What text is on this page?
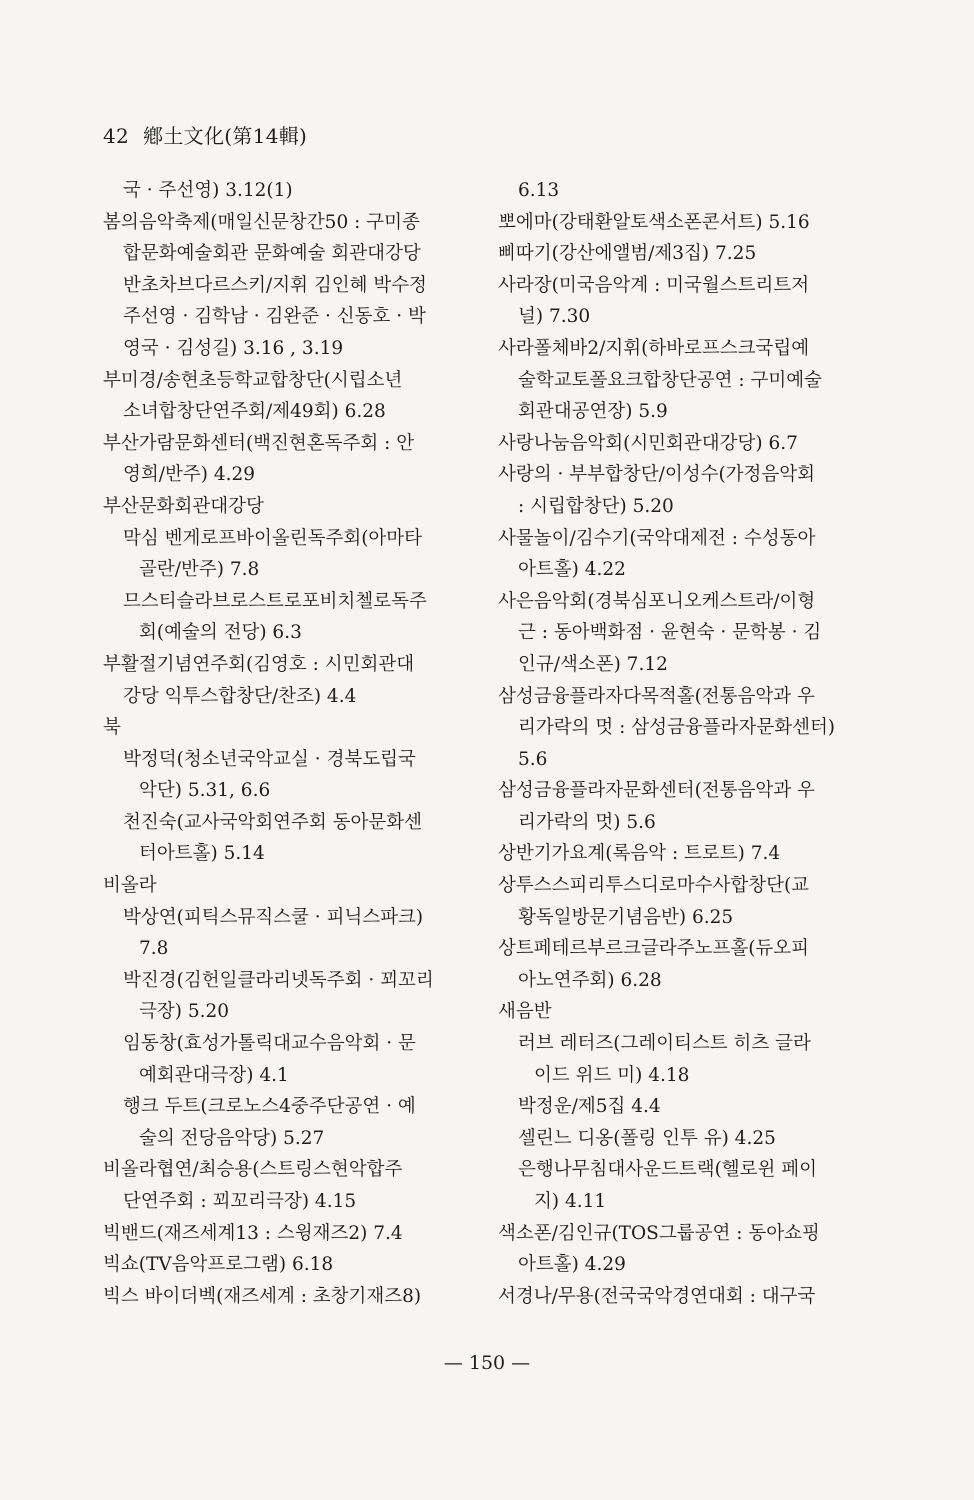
42 鄕土文化(第14輯)
국 · 주선영) 3.12(1)
봄의음악축제(매일신문창간50 : 구미종
합문화예술회관 문화예술 회관대강당
반초차브다르스키/지휘 김인혜 박수정
주선영 · 김학남 · 김완준 · 신동호 · 박
영국 · 김성길) 3.16 , 3.19
부미경/송현초등학교합창단(시립소년
소녀합창단연주회/제49회) 6.28
부산가람문화센터(백진현혼독주회 : 안
영희/반주) 4.29
부산문화회관대강당
막심 벤게로프바이올린독주회(아마타
골란/반주) 7.8
므스티슬라브로스트로포비치첼로독주
회(예술의 전당) 6.3
부활절기념연주회(김영호 : 시민회관대
강당 익투스합창단/찬조) 4.4
북
박정덕(청소년국악교실 · 경북도립국
악단) 5.31, 6.6
천진숙(교사국악회연주회 동아문화센
터아트홀) 5.14
비올라
박상연(피틱스뮤직스쿨 · 피닉스파크)
7.8
박진경(김헌일클라리넷독주회 · 꾀꼬리
극장) 5.20
임동창(효성가톨릭대교수음악회 · 문
예회관대극장) 4.1
행크 두트(크로노스4중주단공연 · 예
술의 전당음악당) 5.27
비올라협연/최승용(스트링스현악합주
단연주회 : 꾀꼬리극장) 4.15
빅밴드(재즈세계13 : 스윙재즈2) 7.4
빅쇼(TV음악프로그램) 6.18
빅스 바이더벡(재즈세계 : 초창기재즈8)
6.13
뽀에마(강태환알토색소폰콘서트) 5.16
삐따기(강산에앨범/제3집) 7.25
사라장(미국음악계 : 미국월스트리트저
널) 7.30
사라폴체바2/지휘(하바로프스크국립예
술학교토폴요크합창단공연 : 구미예술
회관대공연장) 5.9
사랑나눔음악회(시민회관대강당) 6.7
사랑의 · 부부합창단/이성수(가정음악회
: 시립합창단) 5.20
사물놀이/김수기(국악대제전 : 수성동아
아트홀) 4.22
사은음악회(경북심포니오케스트라/이형
근 : 동아백화점 · 윤현숙 · 문학봉 · 김
인규/색소폰) 7.12
삼성금융플라자다목적홀(전통음악과 우
리가락의 멋 : 삼성금융플라자문화센터)
5.6
삼성금융플라자문화센터(전통음악과 우
리가락의 멋) 5.6
상반기가요계(록음악 : 트로트) 7.4
상투스스피리투스디로마수사합창단(교
황독일방문기념음반) 6.25
상트페테르부르크글라주노프홀(듀오피
아노연주회) 6.28
새음반
러브 레터즈(그레이티스트 히츠 글라
이드 위드 미) 4.18
박정운/제5집 4.4
셀린느 디옹(폴링 인투 유) 4.25
은행나무침대사운드트랙(헬로윈 페이
지) 4.11
색소폰/김인규(TOS그룹공연 : 동아쇼핑
아트홀) 4.29
서경나/무용(전국국악경연대회 : 대구국
— 150 —
